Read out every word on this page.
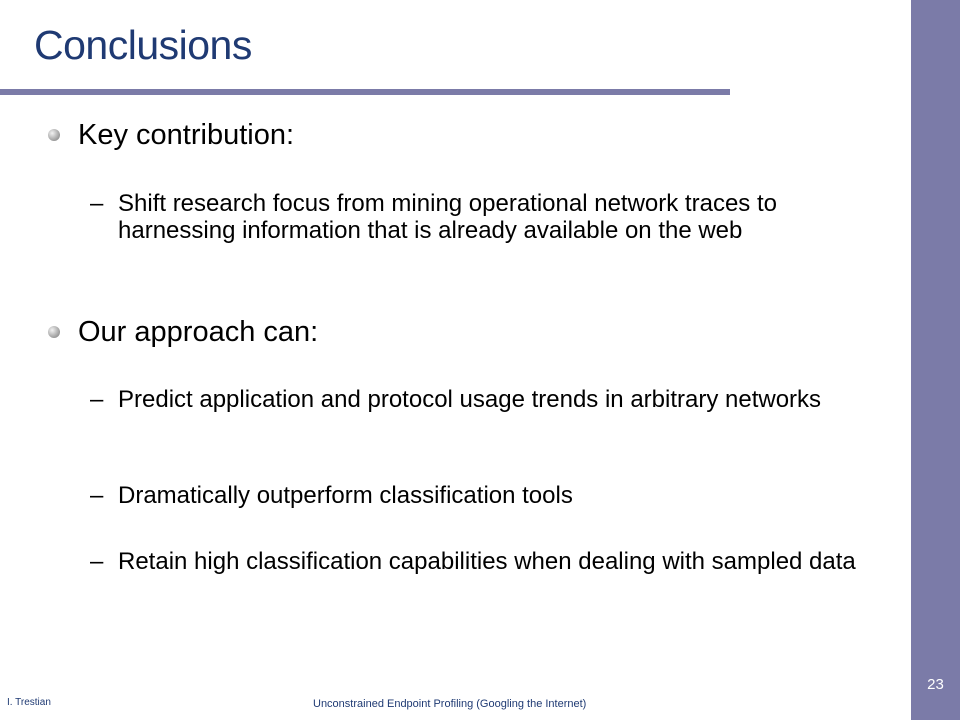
23
Conclusions
Key contribution:
– Shift research focus from mining operational network traces to harnessing information that is already available on the web
Our approach can:
– Predict application and protocol usage trends in arbitrary networks
– Dramatically outperform classification tools
– Retain high classification capabilities when dealing with sampled data
I. Trestian	Unconstrained Endpoint Profiling (Googling the Internet)
